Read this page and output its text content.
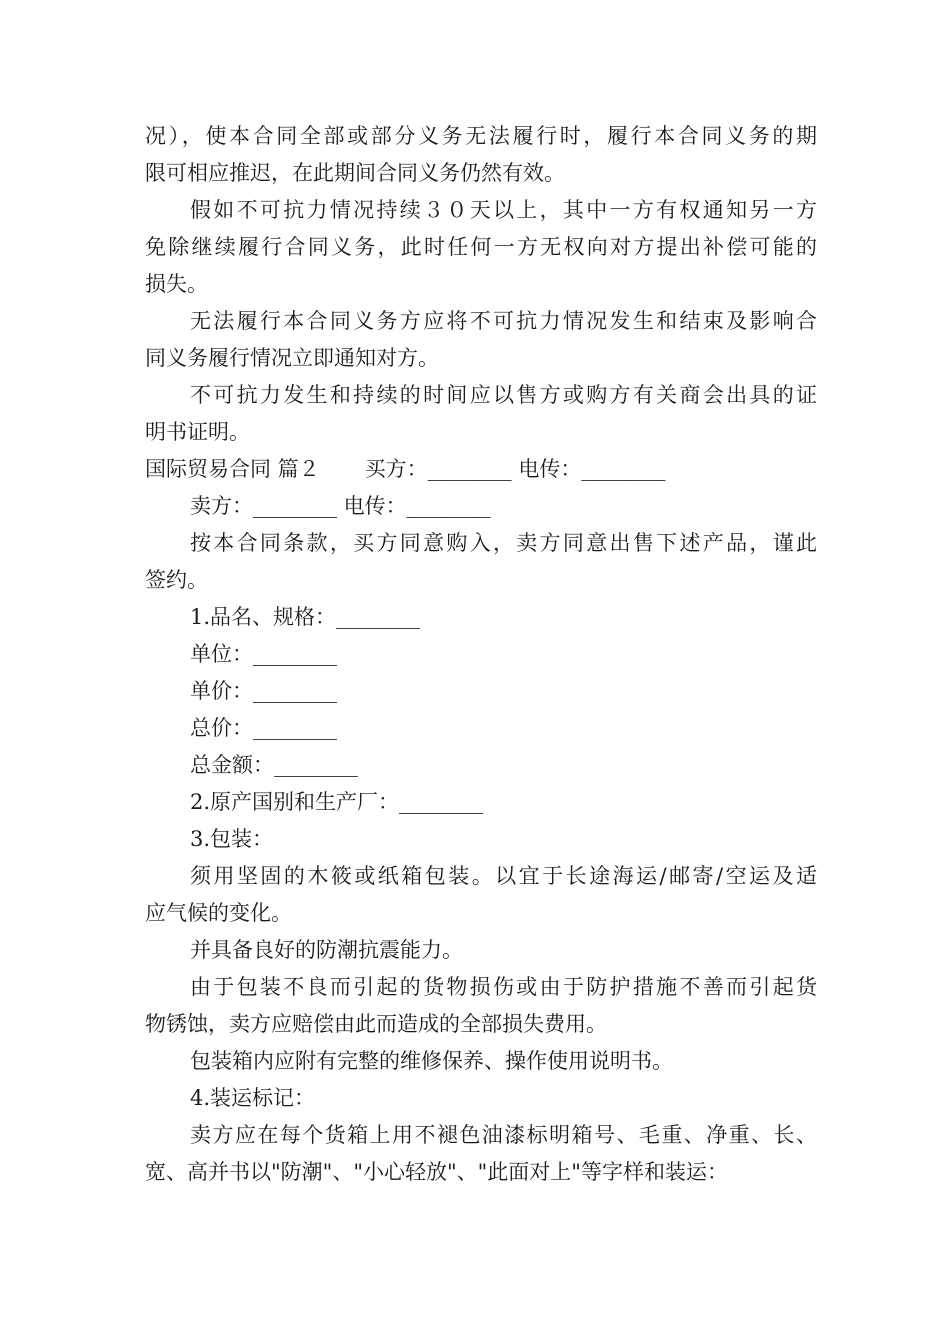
况），使本合同全部或部分义务无法履行时，履行本合同义务的期
限可相应推迟，在此期间合同义务仍然有效。
假如不可抗力情况持续３０天以上，其中一方有权通知另一方
免除继续履行合同义务，此时任何一方无权向对方提出补偿可能的
损失。
无法履行本合同义务方应将不可抗力情况发生和结束及影响合
同义务履行情况立即通知对方。
不可抗力发生和持续的时间应以售方或购方有关商会出具的证
明书证明。
国际贸易合同 篇２ 买方：________ 电传：________
卖方：________ 电传：________
按本合同条款，买方同意购入，卖方同意出售下述产品，谨此
签约。
1.品名、规格：________
单位：________
单价：________
总价：________
总金额：________
2.原产国别和生产厂：________
3.包装：
须用坚固的木筱或纸箱包装。以宜于长途海运/邮寄/空运及适
应气候的变化。
并具备良好的防潮抗震能力。
由于包装不良而引起的货物损伤或由于防护措施不善而引起货
物锈蚀，卖方应赔偿由此而造成的全部损失费用。
包装箱内应附有完整的维修保养、操作使用说明书。
4.装运标记：
卖方应在每个货箱上用不褪色油漆标明箱号、毛重、净重、长、
宽、高并书以"防潮"、"小心轻放"、"此面对上"等字样和装运：
